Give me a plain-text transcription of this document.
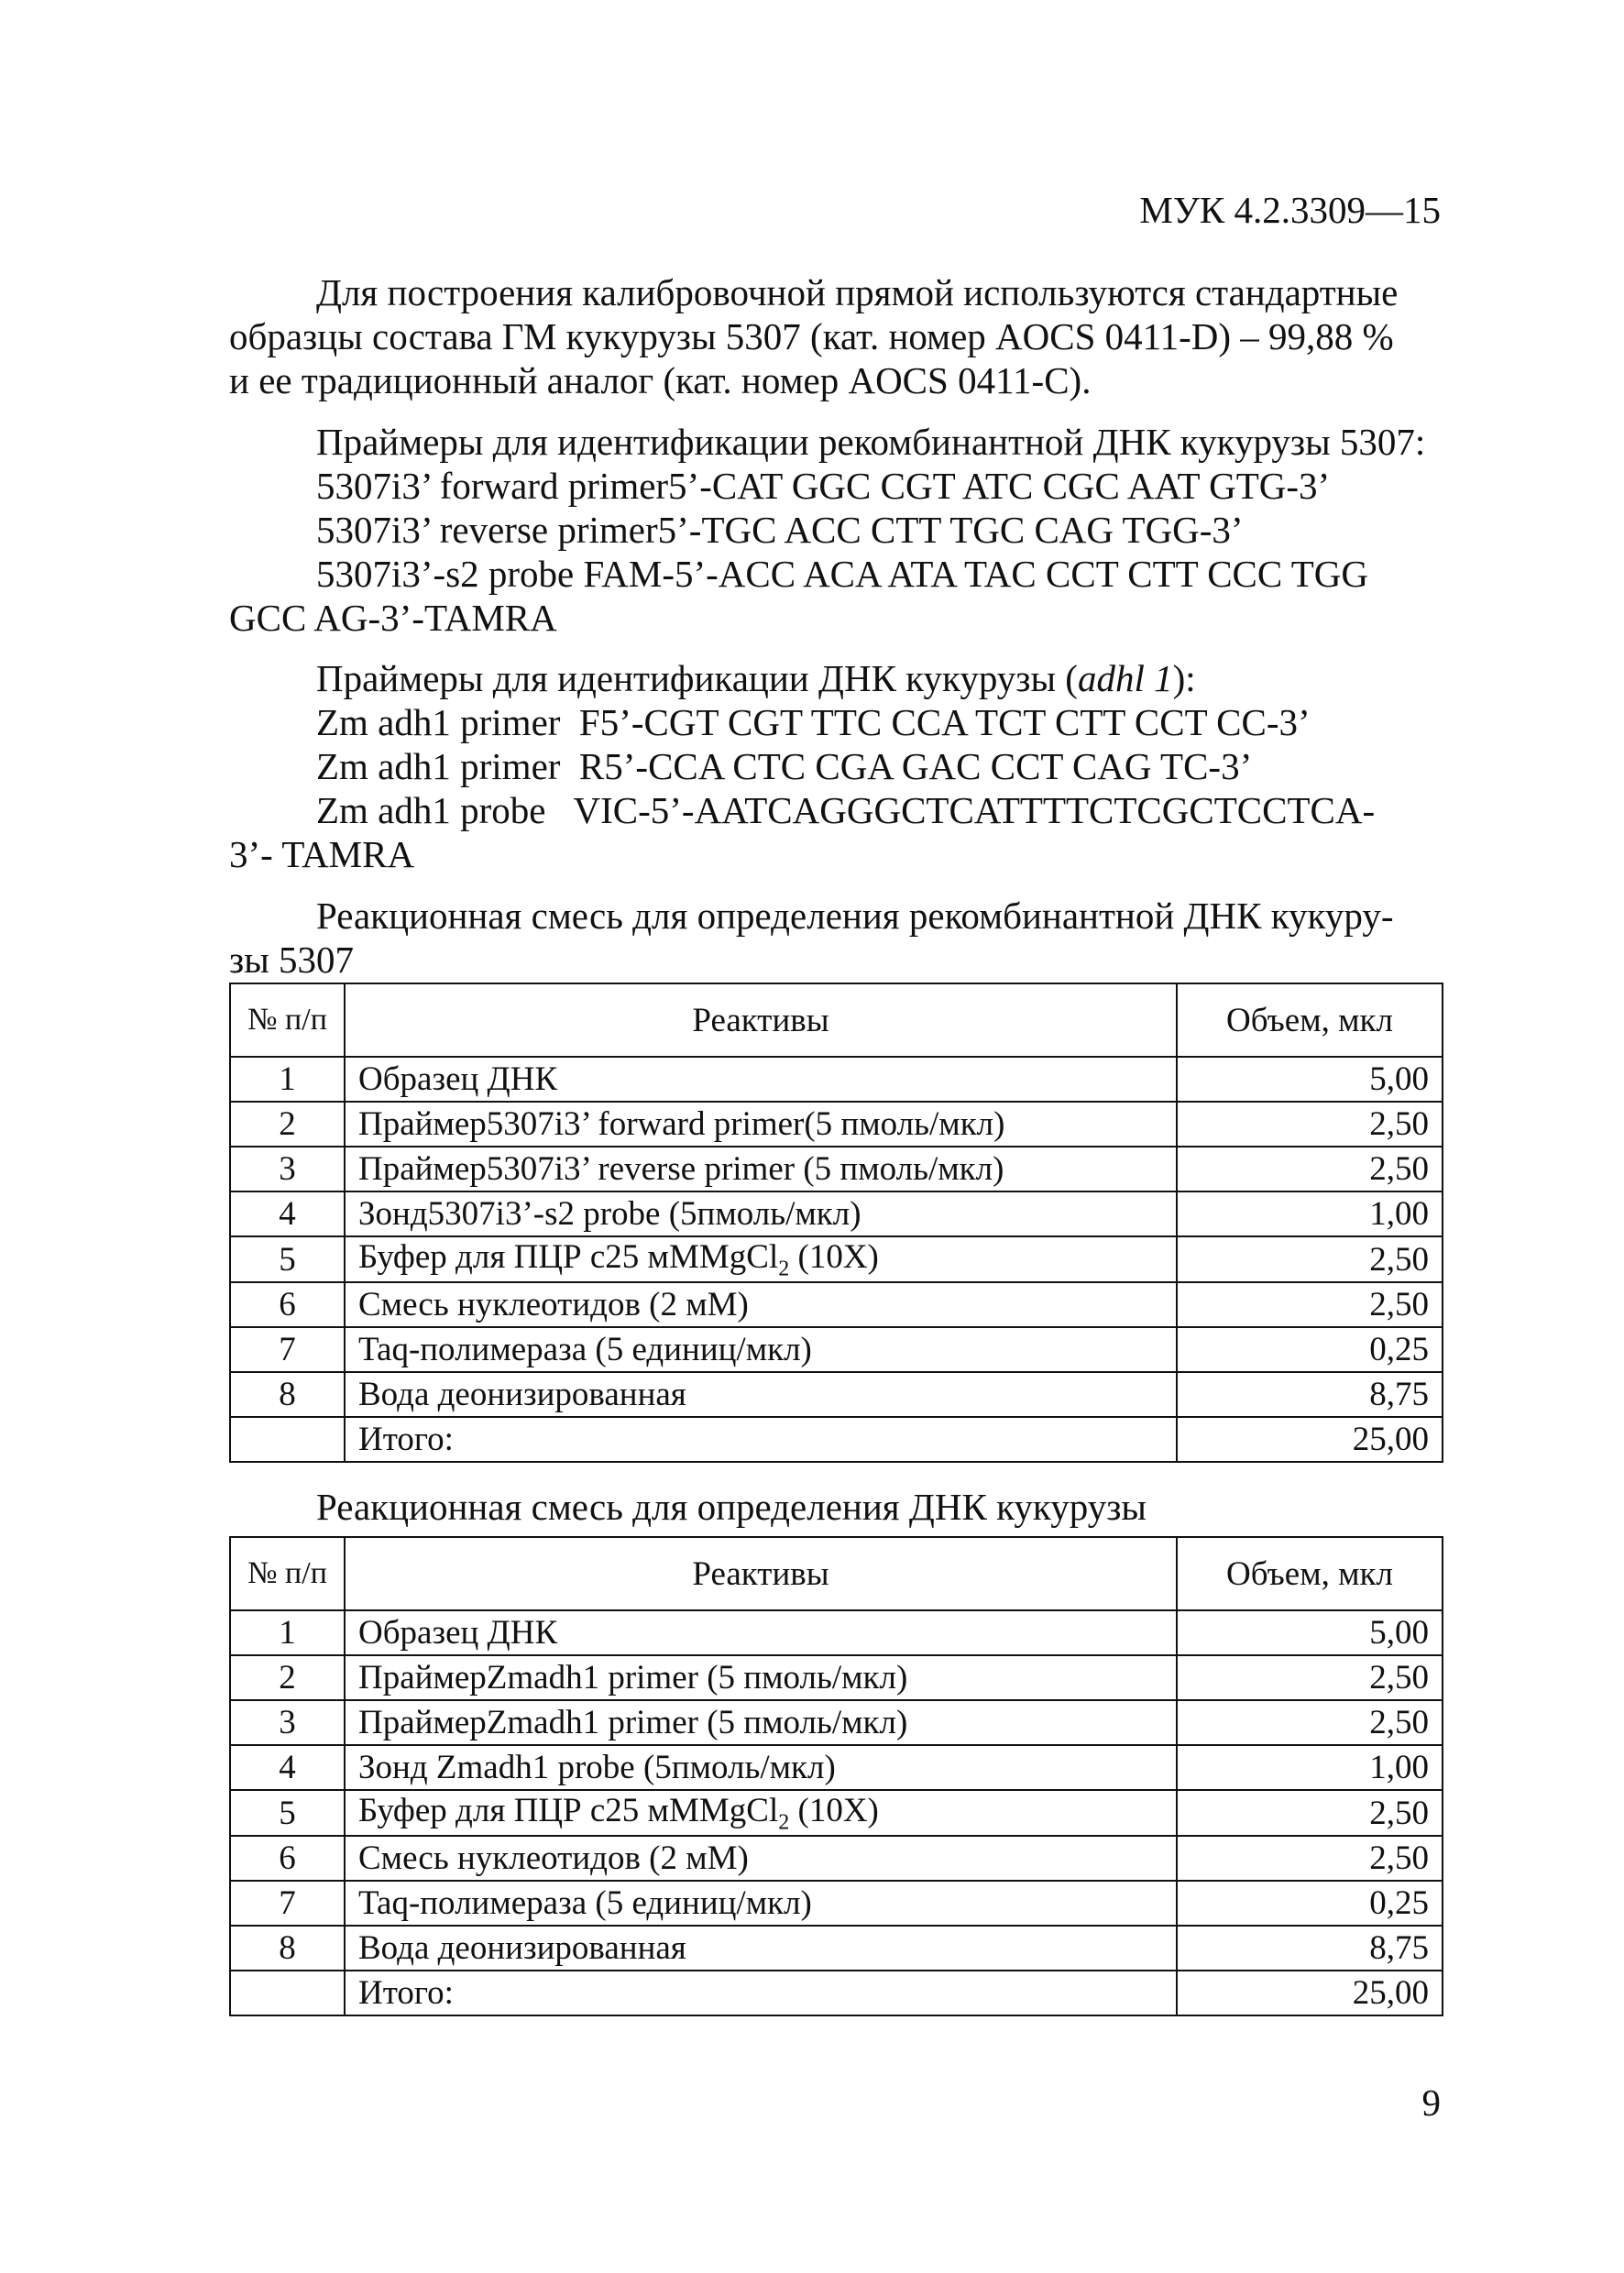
МУК 4.2.3309—15
Для построения калибровочной прямой используются стандартные
образцы состава ГМ кукурузы 5307 (кат. номер AOCS 0411-D) – 99,88 %
и ее традиционный аналог (кат. номер AOCS 0411-C).
Праймеры для идентификации рекомбинантной ДНК кукурузы 5307:
5307i3’ forward primer5’-CAT GGC CGT ATC CGC AAT GTG-3’
5307i3’ reverse primer5’-TGC ACC CTT TGC CAG TGG-3’
5307i3’-s2 probe FAM-5’-ACC ACA ATA TAC CCT CTT CCC TGG
GCC AG-3’-TAMRA
Праймеры для идентификации ДНК кукурузы (adhl 1):
Zm adh1 primer  F5’-CGT CGT TTC CCA TCT CTT CCT CC-3’
Zm adh1 primer  R5’-CCA CTC CGA GAC CCT CAG TC-3’
Zm adh1 probe   VIC-5’-AATCAGGGCTCATTTTCTCGCTCCTCA-
3’- TAMRA
Реакционная смесь для определения рекомбинантной ДНК кукуру-
зы 5307
№ п/п	Реактивы	Объем, мкл
1	Образец ДНК	5,00
2	Праймер5307i3’ forward primer(5 пмоль/мкл)	2,50
3	Праймер5307i3’ reverse primer (5 пмоль/мкл)	2,50
4	Зонд5307i3’-s2 probe (5пмоль/мкл)	1,00
5	Буфер для ПЦР с25 мМMgCl$_2$ (10X)	2,50
6	Смесь нуклеотидов (2 мМ)	2,50
7	Taq-полимераза (5 единиц/мкл)	0,25
8	Вода деонизированная	8,75
	Итого:	25,00
Реакционная смесь для определения ДНК кукурузы
№ п/п	Реактивы	Объем, мкл
1	Образец ДНК	5,00
2	ПраймерZmadh1 primer (5 пмоль/мкл)	2,50
3	ПраймерZmadh1 primer (5 пмоль/мкл)	2,50
4	Зонд Zmadh1 probe (5пмоль/мкл)	1,00
5	Буфер для ПЦР с25 мМMgCl$_2$ (10X)	2,50
6	Смесь нуклеотидов (2 мМ)	2,50
7	Taq-полимераза (5 единиц/мкл)	0,25
8	Вода деонизированная	8,75
	Итого:	25,00
9
